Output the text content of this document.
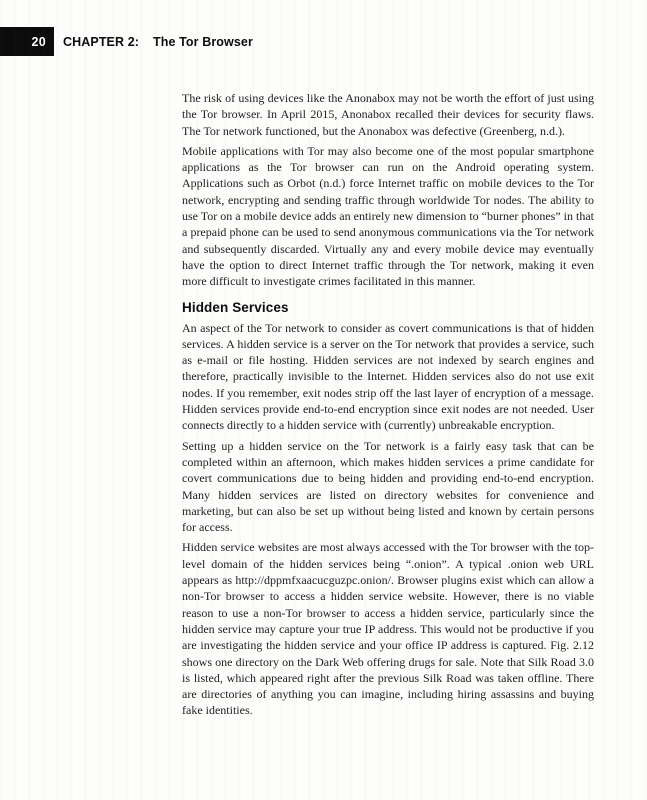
20 CHAPTER 2: The Tor Browser

The risk of using devices like the Anonabox may not be worth the effort of just using the Tor browser. In April 2015, Anonabox recalled their devices for security flaws. The Tor network functioned, but the Anonabox was defective (Greenberg, n.d.).

Mobile applications with Tor may also become one of the most popular smartphone applications as the Tor browser can run on the Android operating system. Applications such as Orbot (n.d.) force Internet traffic on mobile devices to the Tor network, encrypting and sending traffic through worldwide Tor nodes. The ability to use Tor on a mobile device adds an entirely new dimension to “burner phones” in that a prepaid phone can be used to send anonymous communications via the Tor network and subsequently discarded. Virtually any and every mobile device may eventually have the option to direct Internet traffic through the Tor network, making it even more difficult to investigate crimes facilitated in this manner.

Hidden Services

An aspect of the Tor network to consider as covert communications is that of hidden services. A hidden service is a server on the Tor network that provides a service, such as e-mail or file hosting. Hidden services are not indexed by search engines and therefore, practically invisible to the Internet. Hidden services also do not use exit nodes. If you remember, exit nodes strip off the last layer of encryption of a message. Hidden services provide end-to-end encryption since exit nodes are not needed. User connects directly to a hidden service with (currently) unbreakable encryption.

Setting up a hidden service on the Tor network is a fairly easy task that can be completed within an afternoon, which makes hidden services a prime candidate for covert communications due to being hidden and providing end-to-end encryption. Many hidden services are listed on directory websites for convenience and marketing, but can also be set up without being listed and known by certain persons for access.

Hidden service websites are most always accessed with the Tor browser with the top-level domain of the hidden services being “.onion”. A typical .onion web URL appears as http://dppmfxaacucguzpc.onion/. Browser plugins exist which can allow a non-Tor browser to access a hidden service website. However, there is no viable reason to use a non-Tor browser to access a hidden service, particularly since the hidden service may capture your true IP address. This would not be productive if you are investigating the hidden service and your office IP address is captured. Fig. 2.12 shows one directory on the Dark Web offering drugs for sale. Note that Silk Road 3.0 is listed, which appeared right after the previous Silk Road was taken offline. There are directories of anything you can imagine, including hiring assassins and buying fake identities.
